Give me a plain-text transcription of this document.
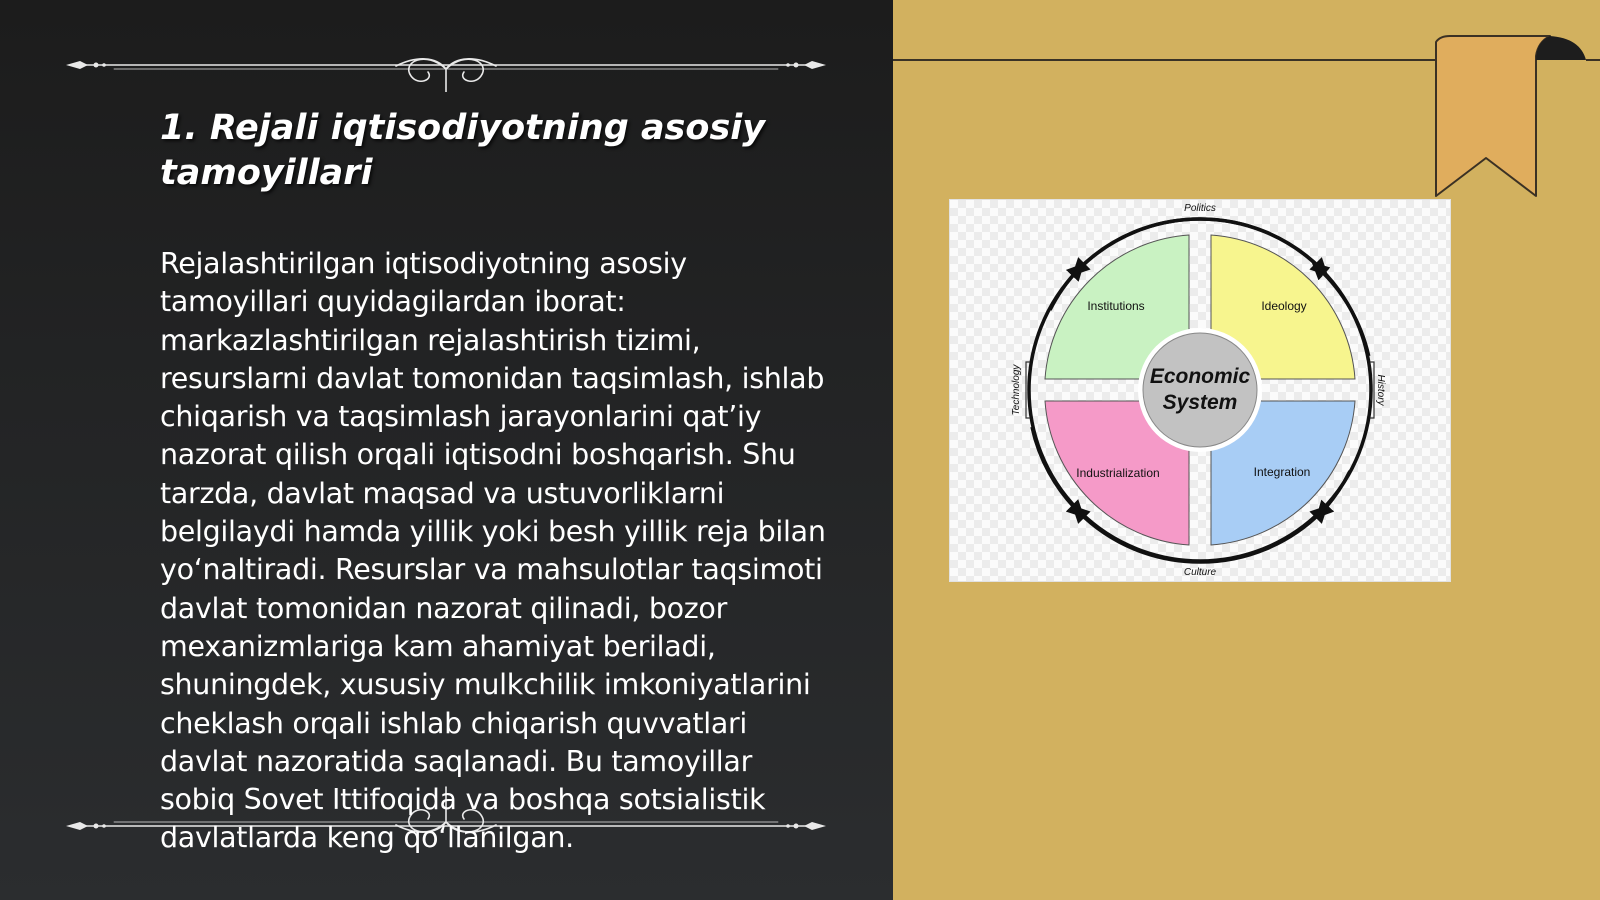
1. Rejali iqtisodiyotning asosiy tamoyillari

Rejalashtirilgan iqtisodiyotning asosiy tamoyillari quyidagilardan iborat: markazlashtirilgan rejalashtirish tizimi, resurslarni davlat tomonidan taqsimlash, ishlab chiqarish va taqsimlash jarayonlarini qat’iy nazorat qilish orqali iqtisodni boshqarish. Shu tarzda, davlat maqsad va ustuvorliklarni belgilaydi hamda yillik yoki besh yillik reja bilan yo‘naltiradi. Resurslar va mahsulotlar taqsimoti davlat tomonidan nazorat qilinadi, bozor mexanizmlariga kam ahamiyat beriladi, shuningdek, xususiy mulkchilik imkoniyatlarini cheklash orqali ishlab chiqarish quvvatlari davlat nazoratida saqlanadi. Bu tamoyillar sobiq Sovet Ittifoqida va boshqa sotsialistik davlatlarda keng qo‘llanilgan.

Economic
System
Institutions	Ideology
Industrialization	Integration
Politics
Culture
Technology	History
